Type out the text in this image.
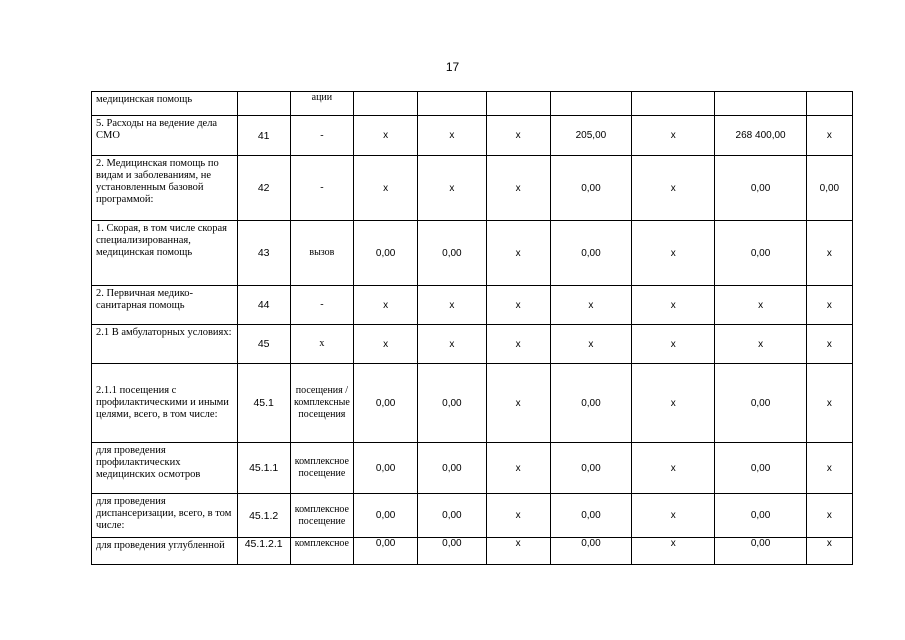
17
медицинская помощь		ации							
5. Расходы на ведение дела СМО	41	-	x	x	x	205,00	x	268 400,00	x
2. Медицинская помощь по видам и заболеваниям, не установленным базовой программой:	42	-	x	x	x	0,00	x	0,00	0,00
1. Скорая, в том числе скорая специализированная, медицинская помощь	43	вызов	0,00	0,00	x	0,00	x	0,00	x
2. Первичная медико-санитарная помощь	44	-	x	x	x	x	x	x	x
2.1 В амбулаторных условиях:	45	x	x	x	x	x	x	x	x
2.1.1 посещения с профилактическими и иными целями, всего, в том числе:	45.1	посещения / комплексные посещения	0,00	0,00	x	0,00	x	0,00	x
для проведения профилактических медицинских осмотров	45.1.1	комплексное посещение	0,00	0,00	x	0,00	x	0,00	x
для проведения диспансеризации, всего, в том числе:	45.1.2	комплексное посещение	0,00	0,00	x	0,00	x	0,00	x
для проведения углубленной	45.1.2.1	комплексное	0,00	0,00	x	0,00	x	0,00	x
